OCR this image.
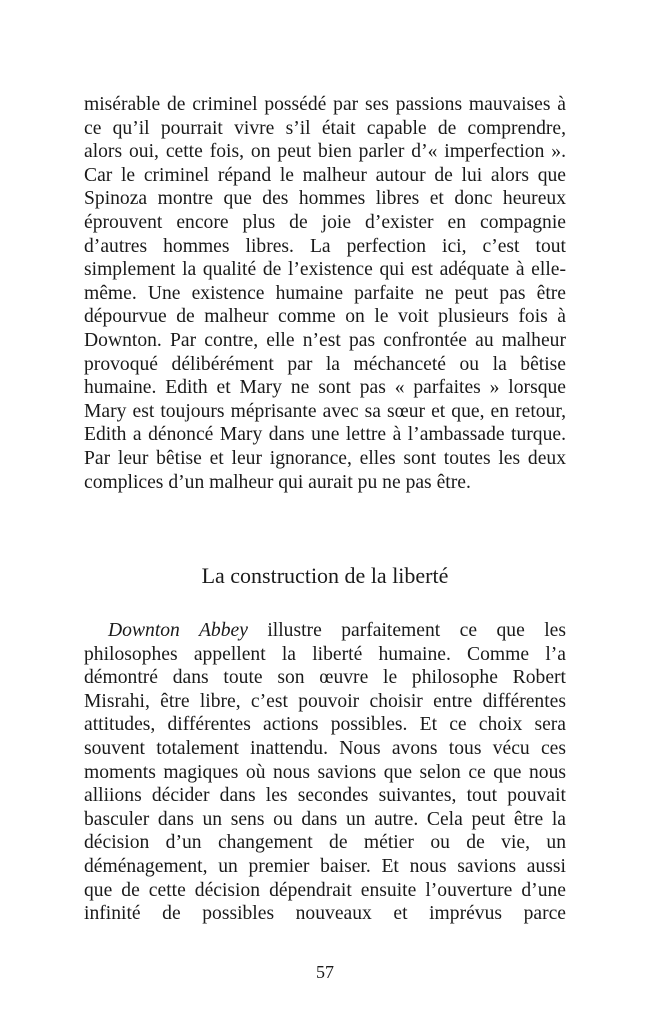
misérable de criminel possédé par ses passions mauvaises à
ce qu’il pourrait vivre s’il était capable de comprendre,
alors oui, cette fois, on peut bien parler d’« imperfection ».
Car le criminel répand le malheur autour de lui alors que
Spinoza montre que des hommes libres et donc heureux
éprouvent encore plus de joie d’exister en compagnie
d’autres hommes libres. La perfection ici, c’est tout
simplement la qualité de l’existence qui est adéquate à elle-
même. Une existence humaine parfaite ne peut pas être
dépourvue de malheur comme on le voit plusieurs fois à
Downton. Par contre, elle n’est pas confrontée au malheur
provoqué délibérément par la méchanceté ou la bêtise
humaine. Edith et Mary ne sont pas « parfaites » lorsque
Mary est toujours méprisante avec sa sœur et que, en retour,
Edith a dénoncé Mary dans une lettre à l’ambassade turque.
Par leur bêtise et leur ignorance, elles sont toutes les deux
complices d’un malheur qui aurait pu ne pas être.
La construction de la liberté
Downton Abbey illustre parfaitement ce que les
philosophes appellent la liberté humaine. Comme l’a
démontré dans toute son œuvre le philosophe Robert
Misrahi, être libre, c’est pouvoir choisir entre différentes
attitudes, différentes actions possibles. Et ce choix sera
souvent totalement inattendu. Nous avons tous vécu ces
moments magiques où nous savions que selon ce que nous
alliions décider dans les secondes suivantes, tout pouvait
basculer dans un sens ou dans un autre. Cela peut être la
décision d’un changement de métier ou de vie, un
déménagement, un premier baiser. Et nous savions aussi
que de cette décision dépendrait ensuite l’ouverture d’une
infinité de possibles nouveaux et imprévus parce
57
